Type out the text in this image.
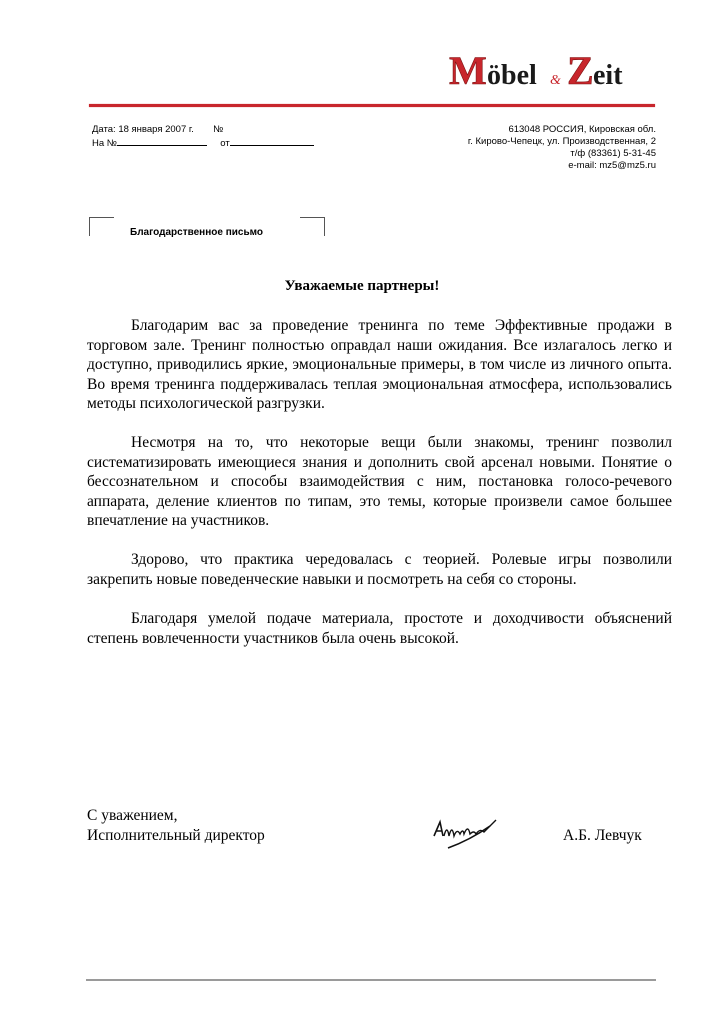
M öbel & Z eit
Дата: 18 января 2007 г. №
На №	от
613048 РОССИЯ, Кировская обл.
г. Кирово-Чепецк, ул. Производственная, 2
т/ф (83361) 5-31-45
e-mail: mz5@mz5.ru
Благодарственное письмо
Уважаемые партнеры!

Благодарим вас за проведение тренинга по теме Эффективные продажи в торговом зале. Тренинг полностью оправдал наши ожидания. Все излагалось легко и доступно, приводились яркие, эмоциональные примеры, в том числе из личного опыта. Во время тренинга поддерживалась теплая эмоциональная атмосфера, использовались методы психологической разгрузки.

Несмотря на то, что некоторые вещи были знакомы, тренинг позволил систематизировать имеющиеся знания и дополнить свой арсенал новыми. Понятие о бессознательном и способы взаимодействия с ним, постановка голосо-речевого аппарата, деление клиентов по типам, это темы, которые произвели самое большее впечатление на участников.

Здорово, что практика чередовалась с теорией. Ролевые игры позволили закрепить новые поведенческие навыки и посмотреть на себя со стороны.

Благодаря умелой подаче материала, простоте и доходчивости объяснений степень вовлеченности участников была очень высокой.

С уважением,
Исполнительный директор	А.Б. Левчук
